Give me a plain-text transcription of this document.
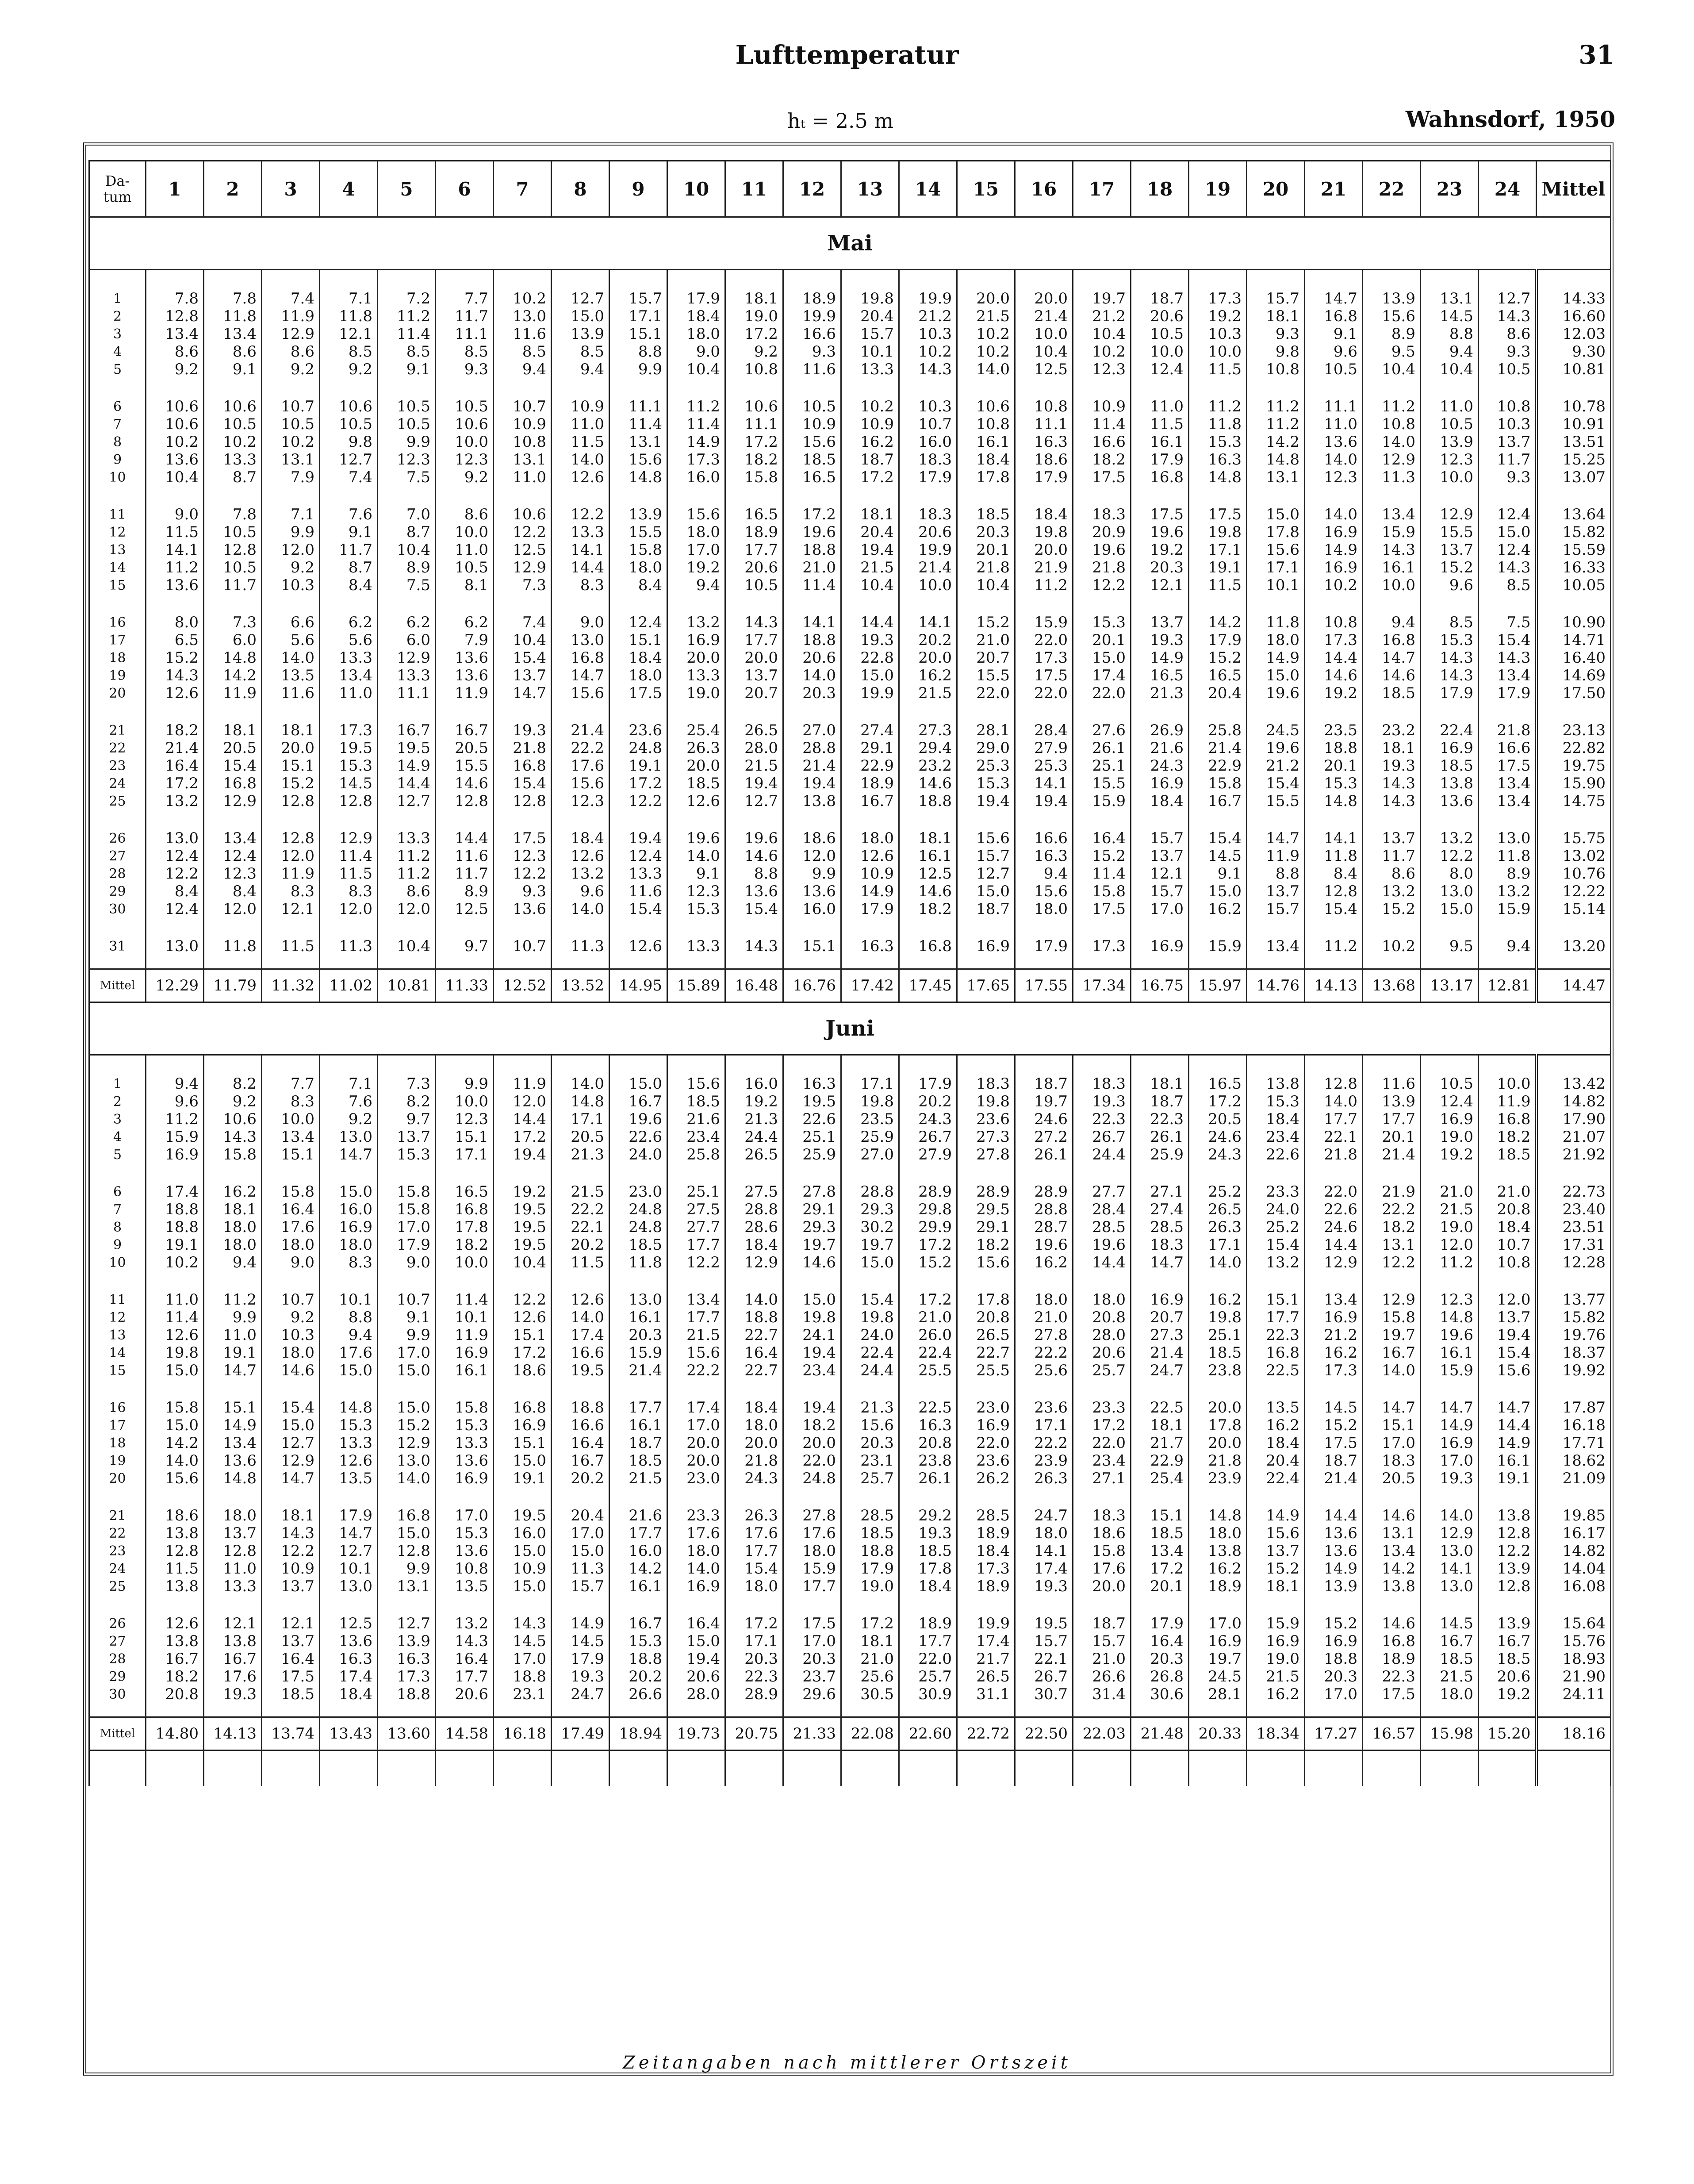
Lufttemperatur	31
hₜ = 2.5 m	Wahnsdorf, 1950
Da-
tum	1	2	3	4	5	6	7	8	9	10	11	12	13	14	15	16	17	18	19	20	21	22	23	24	Mittel
Mai																									

1	7.8	7.8	7.4	7.1	7.2	7.7	10.2	12.7	15.7	17.9	18.1	18.9	19.8	19.9	20.0	20.0	19.7	18.7	17.3	15.7	14.7	13.9	13.1	12.7	14.33
2	12.8	11.8	11.9	11.8	11.2	11.7	13.0	15.0	17.1	18.4	19.0	19.9	20.4	21.2	21.5	21.4	21.2	20.6	19.2	18.1	16.8	15.6	14.5	14.3	16.60
3	13.4	13.4	12.9	12.1	11.4	11.1	11.6	13.9	15.1	18.0	17.2	16.6	15.7	10.3	10.2	10.0	10.4	10.5	10.3	9.3	9.1	8.9	8.8	8.6	12.03
4	8.6	8.6	8.6	8.5	8.5	8.5	8.5	8.5	8.8	9.0	9.2	9.3	10.1	10.2	10.2	10.4	10.2	10.0	10.0	9.8	9.6	9.5	9.4	9.3	9.30
5	9.2	9.1	9.2	9.2	9.1	9.3	9.4	9.4	9.9	10.4	10.8	11.6	13.3	14.3	14.0	12.5	12.3	12.4	11.5	10.8	10.5	10.4	10.4	10.5	10.81

6	10.6	10.6	10.7	10.6	10.5	10.5	10.7	10.9	11.1	11.2	10.6	10.5	10.2	10.3	10.6	10.8	10.9	11.0	11.2	11.2	11.1	11.2	11.0	10.8	10.78
7	10.6	10.5	10.5	10.5	10.5	10.6	10.9	11.0	11.4	11.4	11.1	10.9	10.9	10.7	10.8	11.1	11.4	11.5	11.8	11.2	11.0	10.8	10.5	10.3	10.91
8	10.2	10.2	10.2	9.8	9.9	10.0	10.8	11.5	13.1	14.9	17.2	15.6	16.2	16.0	16.1	16.3	16.6	16.1	15.3	14.2	13.6	14.0	13.9	13.7	13.51
9	13.6	13.3	13.1	12.7	12.3	12.3	13.1	14.0	15.6	17.3	18.2	18.5	18.7	18.3	18.4	18.6	18.2	17.9	16.3	14.8	14.0	12.9	12.3	11.7	15.25
10	10.4	8.7	7.9	7.4	7.5	9.2	11.0	12.6	14.8	16.0	15.8	16.5	17.2	17.9	17.8	17.9	17.5	16.8	14.8	13.1	12.3	11.3	10.0	9.3	13.07

11	9.0	7.8	7.1	7.6	7.0	8.6	10.6	12.2	13.9	15.6	16.5	17.2	18.1	18.3	18.5	18.4	18.3	17.5	17.5	15.0	14.0	13.4	12.9	12.4	13.64
12	11.5	10.5	9.9	9.1	8.7	10.0	12.2	13.3	15.5	18.0	18.9	19.6	20.4	20.6	20.3	19.8	20.9	19.6	19.8	17.8	16.9	15.9	15.5	15.0	15.82
13	14.1	12.8	12.0	11.7	10.4	11.0	12.5	14.1	15.8	17.0	17.7	18.8	19.4	19.9	20.1	20.0	19.6	19.2	17.1	15.6	14.9	14.3	13.7	12.4	15.59
14	11.2	10.5	9.2	8.7	8.9	10.5	12.9	14.4	18.0	19.2	20.6	21.0	21.5	21.4	21.8	21.9	21.8	20.3	19.1	17.1	16.9	16.1	15.2	14.3	16.33
15	13.6	11.7	10.3	8.4	7.5	8.1	7.3	8.3	8.4	9.4	10.5	11.4	10.4	10.0	10.4	11.2	12.2	12.1	11.5	10.1	10.2	10.0	9.6	8.5	10.05

16	8.0	7.3	6.6	6.2	6.2	6.2	7.4	9.0	12.4	13.2	14.3	14.1	14.4	14.1	15.2	15.9	15.3	13.7	14.2	11.8	10.8	9.4	8.5	7.5	10.90
17	6.5	6.0	5.6	5.6	6.0	7.9	10.4	13.0	15.1	16.9	17.7	18.8	19.3	20.2	21.0	22.0	20.1	19.3	17.9	18.0	17.3	16.8	15.3	15.4	14.71
18	15.2	14.8	14.0	13.3	12.9	13.6	15.4	16.8	18.4	20.0	20.0	20.6	22.8	20.0	20.7	17.3	15.0	14.9	15.2	14.9	14.4	14.7	14.3	14.3	16.40
19	14.3	14.2	13.5	13.4	13.3	13.6	13.7	14.7	18.0	13.3	13.7	14.0	15.0	16.2	15.5	17.5	17.4	16.5	16.5	15.0	14.6	14.6	14.3	13.4	14.69
20	12.6	11.9	11.6	11.0	11.1	11.9	14.7	15.6	17.5	19.0	20.7	20.3	19.9	21.5	22.0	22.0	22.0	21.3	20.4	19.6	19.2	18.5	17.9	17.9	17.50

21	18.2	18.1	18.1	17.3	16.7	16.7	19.3	21.4	23.6	25.4	26.5	27.0	27.4	27.3	28.1	28.4	27.6	26.9	25.8	24.5	23.5	23.2	22.4	21.8	23.13
22	21.4	20.5	20.0	19.5	19.5	20.5	21.8	22.2	24.8	26.3	28.0	28.8	29.1	29.4	29.0	27.9	26.1	21.6	21.4	19.6	18.8	18.1	16.9	16.6	22.82
23	16.4	15.4	15.1	15.3	14.9	15.5	16.8	17.6	19.1	20.0	21.5	21.4	22.9	23.2	25.3	25.3	25.1	24.3	22.9	21.2	20.1	19.3	18.5	17.5	19.75
24	17.2	16.8	15.2	14.5	14.4	14.6	15.4	15.6	17.2	18.5	19.4	19.4	18.9	14.6	15.3	14.1	15.5	16.9	15.8	15.4	15.3	14.3	13.8	13.4	15.90
25	13.2	12.9	12.8	12.8	12.7	12.8	12.8	12.3	12.2	12.6	12.7	13.8	16.7	18.8	19.4	19.4	15.9	18.4	16.7	15.5	14.8	14.3	13.6	13.4	14.75

26	13.0	13.4	12.8	12.9	13.3	14.4	17.5	18.4	19.4	19.6	19.6	18.6	18.0	18.1	15.6	16.6	16.4	15.7	15.4	14.7	14.1	13.7	13.2	13.0	15.75
27	12.4	12.4	12.0	11.4	11.2	11.6	12.3	12.6	12.4	14.0	14.6	12.0	12.6	16.1	15.7	16.3	15.2	13.7	14.5	11.9	11.8	11.7	12.2	11.8	13.02
28	12.2	12.3	11.9	11.5	11.2	11.7	12.2	13.2	13.3	9.1	8.8	9.9	10.9	12.5	12.7	9.4	11.4	12.1	9.1	8.8	8.4	8.6	8.0	8.9	10.76
29	8.4	8.4	8.3	8.3	8.6	8.9	9.3	9.6	11.6	12.3	13.6	13.6	14.9	14.6	15.0	15.6	15.8	15.7	15.0	13.7	12.8	13.2	13.0	13.2	12.22
30	12.4	12.0	12.1	12.0	12.0	12.5	13.6	14.0	15.4	15.3	15.4	16.0	17.9	18.2	18.7	18.0	17.5	17.0	16.2	15.7	15.4	15.2	15.0	15.9	15.14

31	13.0	11.8	11.5	11.3	10.4	9.7	10.7	11.3	12.6	13.3	14.3	15.1	16.3	16.8	16.9	17.9	17.3	16.9	15.9	13.4	11.2	10.2	9.5	9.4	13.20

Mittel	12.29	11.79	11.32	11.02	10.81	11.33	12.52	13.52	14.95	15.89	16.48	16.76	17.42	17.45	17.65	17.55	17.34	16.75	15.97	14.76	14.13	13.68	13.17	12.81	14.47
Juni																									

1	9.4	8.2	7.7	7.1	7.3	9.9	11.9	14.0	15.0	15.6	16.0	16.3	17.1	17.9	18.3	18.7	18.3	18.1	16.5	13.8	12.8	11.6	10.5	10.0	13.42
2	9.6	9.2	8.3	7.6	8.2	10.0	12.0	14.8	16.7	18.5	19.2	19.5	19.8	20.2	19.8	19.7	19.3	18.7	17.2	15.3	14.0	13.9	12.4	11.9	14.82
3	11.2	10.6	10.0	9.2	9.7	12.3	14.4	17.1	19.6	21.6	21.3	22.6	23.5	24.3	23.6	24.6	22.3	22.3	20.5	18.4	17.7	17.7	16.9	16.8	17.90
4	15.9	14.3	13.4	13.0	13.7	15.1	17.2	20.5	22.6	23.4	24.4	25.1	25.9	26.7	27.3	27.2	26.7	26.1	24.6	23.4	22.1	20.1	19.0	18.2	21.07
5	16.9	15.8	15.1	14.7	15.3	17.1	19.4	21.3	24.0	25.8	26.5	25.9	27.0	27.9	27.8	26.1	24.4	25.9	24.3	22.6	21.8	21.4	19.2	18.5	21.92

6	17.4	16.2	15.8	15.0	15.8	16.5	19.2	21.5	23.0	25.1	27.5	27.8	28.8	28.9	28.9	28.9	27.7	27.1	25.2	23.3	22.0	21.9	21.0	21.0	22.73
7	18.8	18.1	16.4	16.0	15.8	16.8	19.5	22.2	24.8	27.5	28.8	29.1	29.3	29.8	29.5	28.8	28.4	27.4	26.5	24.0	22.6	22.2	21.5	20.8	23.40
8	18.8	18.0	17.6	16.9	17.0	17.8	19.5	22.1	24.8	27.7	28.6	29.3	30.2	29.9	29.1	28.7	28.5	28.5	26.3	25.2	24.6	18.2	19.0	18.4	23.51
9	19.1	18.0	18.0	18.0	17.9	18.2	19.5	20.2	18.5	17.7	18.4	19.7	19.7	17.2	18.2	19.6	19.6	18.3	17.1	15.4	14.4	13.1	12.0	10.7	17.31
10	10.2	9.4	9.0	8.3	9.0	10.0	10.4	11.5	11.8	12.2	12.9	14.6	15.0	15.2	15.6	16.2	14.4	14.7	14.0	13.2	12.9	12.2	11.2	10.8	12.28

11	11.0	11.2	10.7	10.1	10.7	11.4	12.2	12.6	13.0	13.4	14.0	15.0	15.4	17.2	17.8	18.0	18.0	16.9	16.2	15.1	13.4	12.9	12.3	12.0	13.77
12	11.4	9.9	9.2	8.8	9.1	10.1	12.6	14.0	16.1	17.7	18.8	19.8	19.8	21.0	20.8	21.0	20.8	20.7	19.8	17.7	16.9	15.8	14.8	13.7	15.82
13	12.6	11.0	10.3	9.4	9.9	11.9	15.1	17.4	20.3	21.5	22.7	24.1	24.0	26.0	26.5	27.8	28.0	27.3	25.1	22.3	21.2	19.7	19.6	19.4	19.76
14	19.8	19.1	18.0	17.6	17.0	16.9	17.2	16.6	15.9	15.6	16.4	19.4	22.4	22.4	22.7	22.2	20.6	21.4	18.5	16.8	16.2	16.7	16.1	15.4	18.37
15	15.0	14.7	14.6	15.0	15.0	16.1	18.6	19.5	21.4	22.2	22.7	23.4	24.4	25.5	25.5	25.6	25.7	24.7	23.8	22.5	17.3	14.0	15.9	15.6	19.92

16	15.8	15.1	15.4	14.8	15.0	15.8	16.8	18.8	17.7	17.4	18.4	19.4	21.3	22.5	23.0	23.6	23.3	22.5	20.0	13.5	14.5	14.7	14.7	14.7	17.87
17	15.0	14.9	15.0	15.3	15.2	15.3	16.9	16.6	16.1	17.0	18.0	18.2	15.6	16.3	16.9	17.1	17.2	18.1	17.8	16.2	15.2	15.1	14.9	14.4	16.18
18	14.2	13.4	12.7	13.3	12.9	13.3	15.1	16.4	18.7	20.0	20.0	20.0	20.3	20.8	22.0	22.2	22.0	21.7	20.0	18.4	17.5	17.0	16.9	14.9	17.71
19	14.0	13.6	12.9	12.6	13.0	13.6	15.0	16.7	18.5	20.0	21.8	22.0	23.1	23.8	23.6	23.9	23.4	22.9	21.8	20.4	18.7	18.3	17.0	16.1	18.62
20	15.6	14.8	14.7	13.5	14.0	16.9	19.1	20.2	21.5	23.0	24.3	24.8	25.7	26.1	26.2	26.3	27.1	25.4	23.9	22.4	21.4	20.5	19.3	19.1	21.09

21	18.6	18.0	18.1	17.9	16.8	17.0	19.5	20.4	21.6	23.3	26.3	27.8	28.5	29.2	28.5	24.7	18.3	15.1	14.8	14.9	14.4	14.6	14.0	13.8	19.85
22	13.8	13.7	14.3	14.7	15.0	15.3	16.0	17.0	17.7	17.6	17.6	17.6	18.5	19.3	18.9	18.0	18.6	18.5	18.0	15.6	13.6	13.1	12.9	12.8	16.17
23	12.8	12.8	12.2	12.7	12.8	13.6	15.0	15.0	16.0	18.0	17.7	18.0	18.8	18.5	18.4	14.1	15.8	13.4	13.8	13.7	13.6	13.4	13.0	12.2	14.82
24	11.5	11.0	10.9	10.1	9.9	10.8	10.9	11.3	14.2	14.0	15.4	15.9	17.9	17.8	17.3	17.4	17.6	17.2	16.2	15.2	14.9	14.2	14.1	13.9	14.04
25	13.8	13.3	13.7	13.0	13.1	13.5	15.0	15.7	16.1	16.9	18.0	17.7	19.0	18.4	18.9	19.3	20.0	20.1	18.9	18.1	13.9	13.8	13.0	12.8	16.08

26	12.6	12.1	12.1	12.5	12.7	13.2	14.3	14.9	16.7	16.4	17.2	17.5	17.2	18.9	19.9	19.5	18.7	17.9	17.0	15.9	15.2	14.6	14.5	13.9	15.64
27	13.8	13.8	13.7	13.6	13.9	14.3	14.5	14.5	15.3	15.0	17.1	17.0	18.1	17.7	17.4	15.7	15.7	16.4	16.9	16.9	16.9	16.8	16.7	16.7	15.76
28	16.7	16.7	16.4	16.3	16.3	16.4	17.0	17.9	18.8	19.4	20.3	20.3	21.0	22.0	21.7	22.1	21.0	20.3	19.7	19.0	18.8	18.9	18.5	18.5	18.93
29	18.2	17.6	17.5	17.4	17.3	17.7	18.8	19.3	20.2	20.6	22.3	23.7	25.6	25.7	26.5	26.7	26.6	26.8	24.5	21.5	20.3	22.3	21.5	20.6	21.90
30	20.8	19.3	18.5	18.4	18.8	20.6	23.1	24.7	26.6	28.0	28.9	29.6	30.5	30.9	31.1	30.7	31.4	30.6	28.1	16.2	17.0	17.5	18.0	19.2	24.11

Mittel	14.80	14.13	13.74	13.43	13.60	14.58	16.18	17.49	18.94	19.73	20.75	21.33	22.08	22.60	22.72	22.50	22.03	21.48	20.33	18.34	17.27	16.57	15.98	15.20	18.16

Zeitangaben nach mittlerer Ortszeit
